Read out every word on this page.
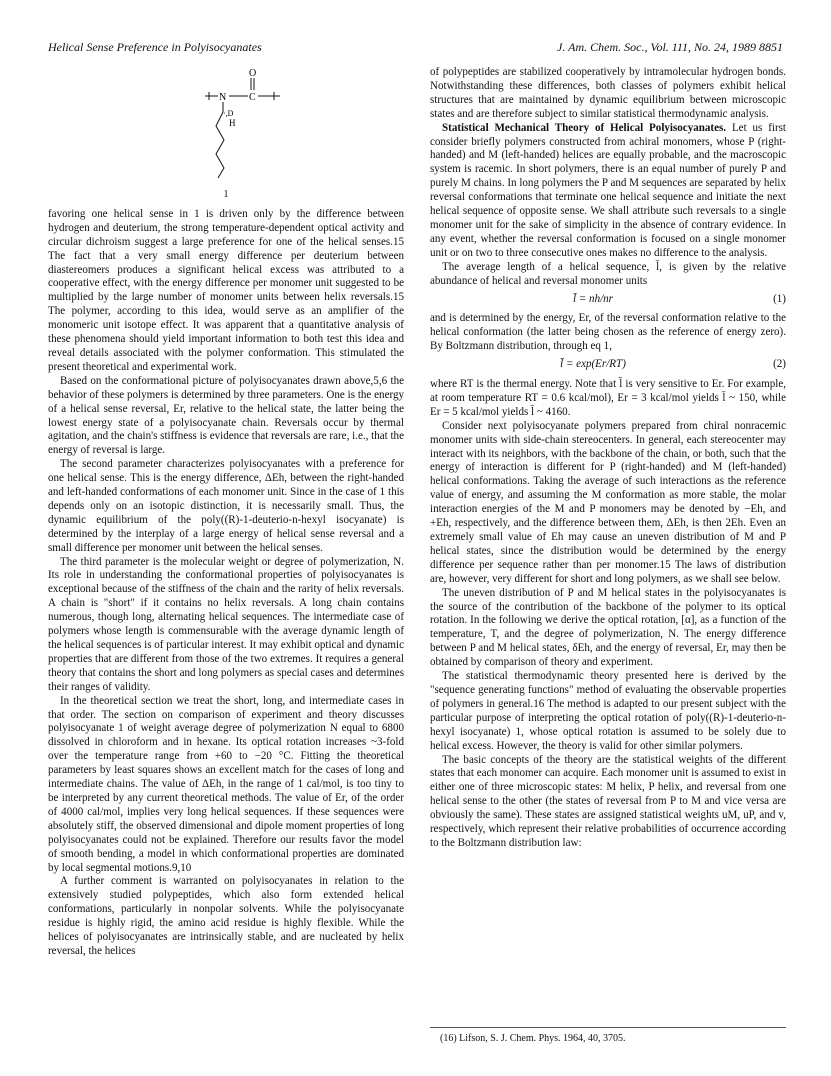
Helical Sense Preference in Polyisocyanates	J. Am. Chem. Soc., Vol. 111, No. 24, 1989 8851
O
N C
·,D
H
1

favoring one helical sense in 1 is driven only by the difference between hydrogen and deuterium, the strong temperature-dependent optical activity and circular dichroism suggest a large preference for one of the helical senses.15 The fact that a very small energy difference per deuterium between diastereomers produces a significant helical excess was attributed to a cooperative effect, with the energy difference per monomer unit suggested to be multiplied by the large number of monomer units between helix reversals.15 The polymer, according to this idea, would serve as an amplifier of the monomeric unit isotope effect. It was apparent that a quantitative analysis of these phenomena should yield important information to both test this idea and reveal details associated with the polymer conformation. This stimulated the present theoretical and experimental work.

Based on the conformational picture of polyisocyanates drawn above,5,6 the behavior of these polymers is determined by three parameters. One is the energy of a helical sense reversal, Er, relative to the helical state, the latter being the lowest energy state of a polyisocyanate chain. Reversals occur by thermal agitation, and the chain's stiffness is evidence that reversals are rare, i.e., that the energy of reversal is large.

The second parameter characterizes polyisocyanates with a preference for one helical sense. This is the energy difference, ΔEh, between the right-handed and left-handed conformations of each monomer unit. Since in the case of 1 this depends only on an isotopic distinction, it is necessarily small. Thus, the dynamic equilibrium of the poly((R)-1-deuterio-n-hexyl isocyanate) is determined by the interplay of a large energy of helical sense reversal and a small difference per monomer unit between the helical senses.

The third parameter is the molecular weight or degree of polymerization, N. Its role in understanding the conformational properties of polyisocyanates is exceptional because of the stiffness of the chain and the rarity of helix reversals. A chain is "short" if it contains no helix reversals. A long chain contains numerous, though long, alternating helical sequences. The intermediate case of polymers whose length is commensurable with the average dynamic length of the helical sequences is of particular interest. It may exhibit optical and dynamic properties that are different from those of the two extremes. It requires a general theory that contains the short and long polymers as special cases and determines their ranges of validity.

In the theoretical section we treat the short, long, and intermediate cases in that order. The section on comparison of experiment and theory discusses polyisocyanate 1 of weight average degree of polymerization N equal to 6800 dissolved in chloroform and in hexane. Its optical rotation increases ~3-fold over the temperature range from +60 to −20 °C. Fitting the theoretical parameters by least squares shows an excellent match for the cases of long and intermediate chains. The value of ΔEh, in the range of 1 cal/mol, is too tiny to be interpreted by any current theoretical methods. The value of Er, of the order of 4000 cal/mol, implies very long helical sequences. If these sequences were absolutely stiff, the observed dimensional and dipole moment properties of long polyisocyanates could not be explained. Therefore our results favor the model of smooth bending, a model in which conformational properties are dominated by local segmental motions.9,10

A further comment is warranted on polyisocyanates in relation to the extensively studied polypeptides, which also form extended helical conformations, particularly in nonpolar solvents. While the polyisocyanate residue is highly rigid, the amino acid residue is highly flexible. While the helices of polyisocyanates are intrinsically stable, and are nucleated by helix reversal, the helices

of polypeptides are stabilized cooperatively by intramolecular hydrogen bonds. Notwithstanding these differences, both classes of polymers exhibit helical structures that are maintained by dynamic equilibrium between microscopic states and are therefore subject to similar statistical thermodynamic analysis.

Statistical Mechanical Theory of Helical Polyisocyanates. Let us first consider briefly polymers constructed from achiral monomers, whose P (right-handed) and M (left-handed) helices are equally probable, and the macroscopic system is racemic. In short polymers, there is an equal number of purely P and purely M chains. In long polymers the P and M sequences are separated by helix reversal conformations that terminate one helical sequence and initiate the next helical sequence of opposite sense. We shall attribute such reversals to a single monomer unit for the sake of simplicity in the absence of contrary evidence. In any event, whether the reversal conformation is focused on a single monomer unit or on two to three consecutive ones makes no difference to the analysis.

The average length of a helical sequence, l̄, is given by the relative abundance of helical and reversal monomer units

l̄ = nh/nr	(1)

and is determined by the energy, Er, of the reversal conformation relative to the helical conformation (the latter being chosen as the reference of energy zero). By Boltzmann distribution, through eq 1,

l̄ = exp(Er/RT)	(2)

where RT is the thermal energy. Note that l̄ is very sensitive to Er. For example, at room temperature RT = 0.6 kcal/mol), Er = 3 kcal/mol yields l̄ ~ 150, while Er = 5 kcal/mol yields l̄ ~ 4160.

Consider next polyisocyanate polymers prepared from chiral nonracemic monomer units with side-chain stereocenters. In general, each stereocenter may interact with its neighbors, with the backbone of the chain, or both, such that the energy of interaction is different for P (right-handed) and M (left-handed) helical conformations. Taking the average of such interactions as the reference value of energy, and assuming the M conformation as more stable, the molar interaction energies of the M and P monomers may be denoted by −Eh, and +Eh, respectively, and the difference between them, ΔEh, is then 2Eh. Even an extremely small value of Eh may cause an uneven distribution of M and P helical states, since the distribution would be determined by the energy difference per sequence rather than per monomer.15 The laws of distribution are, however, very different for short and long polymers, as we shall see below.

The uneven distribution of P and M helical states in the polyisocyanates is the source of the contribution of the backbone of the polymer to its optical rotation. In the following we derive the optical rotation, [α], as a function of the temperature, T, and the degree of polymerization, N. The energy difference between P and M helical states, δEh, and the energy of reversal, Er, may then be obtained by comparison of theory and experiment.

The statistical thermodynamic theory presented here is derived by the "sequence generating functions" method of evaluating the observable properties of polymers in general.16 The method is adapted to our present subject with the particular purpose of interpreting the optical rotation of poly((R)-1-deuterio-n-hexyl isocyanate) 1, whose optical rotation is assumed to be solely due to helical excess. However, the theory is valid for other similar polymers.

The basic concepts of the theory are the statistical weights of the different states that each monomer can acquire. Each monomer unit is assumed to exist in either one of three microscopic states: M helix, P helix, and reversal from one helical sense to the other (the states of reversal from P to M and vice versa are obviously the same). These states are assigned statistical weights uM, uP, and v, respectively, which represent their relative probabilities of occurrence according to the Boltzmann distribution law:

(16) Lifson, S. J. Chem. Phys. 1964, 40, 3705.
